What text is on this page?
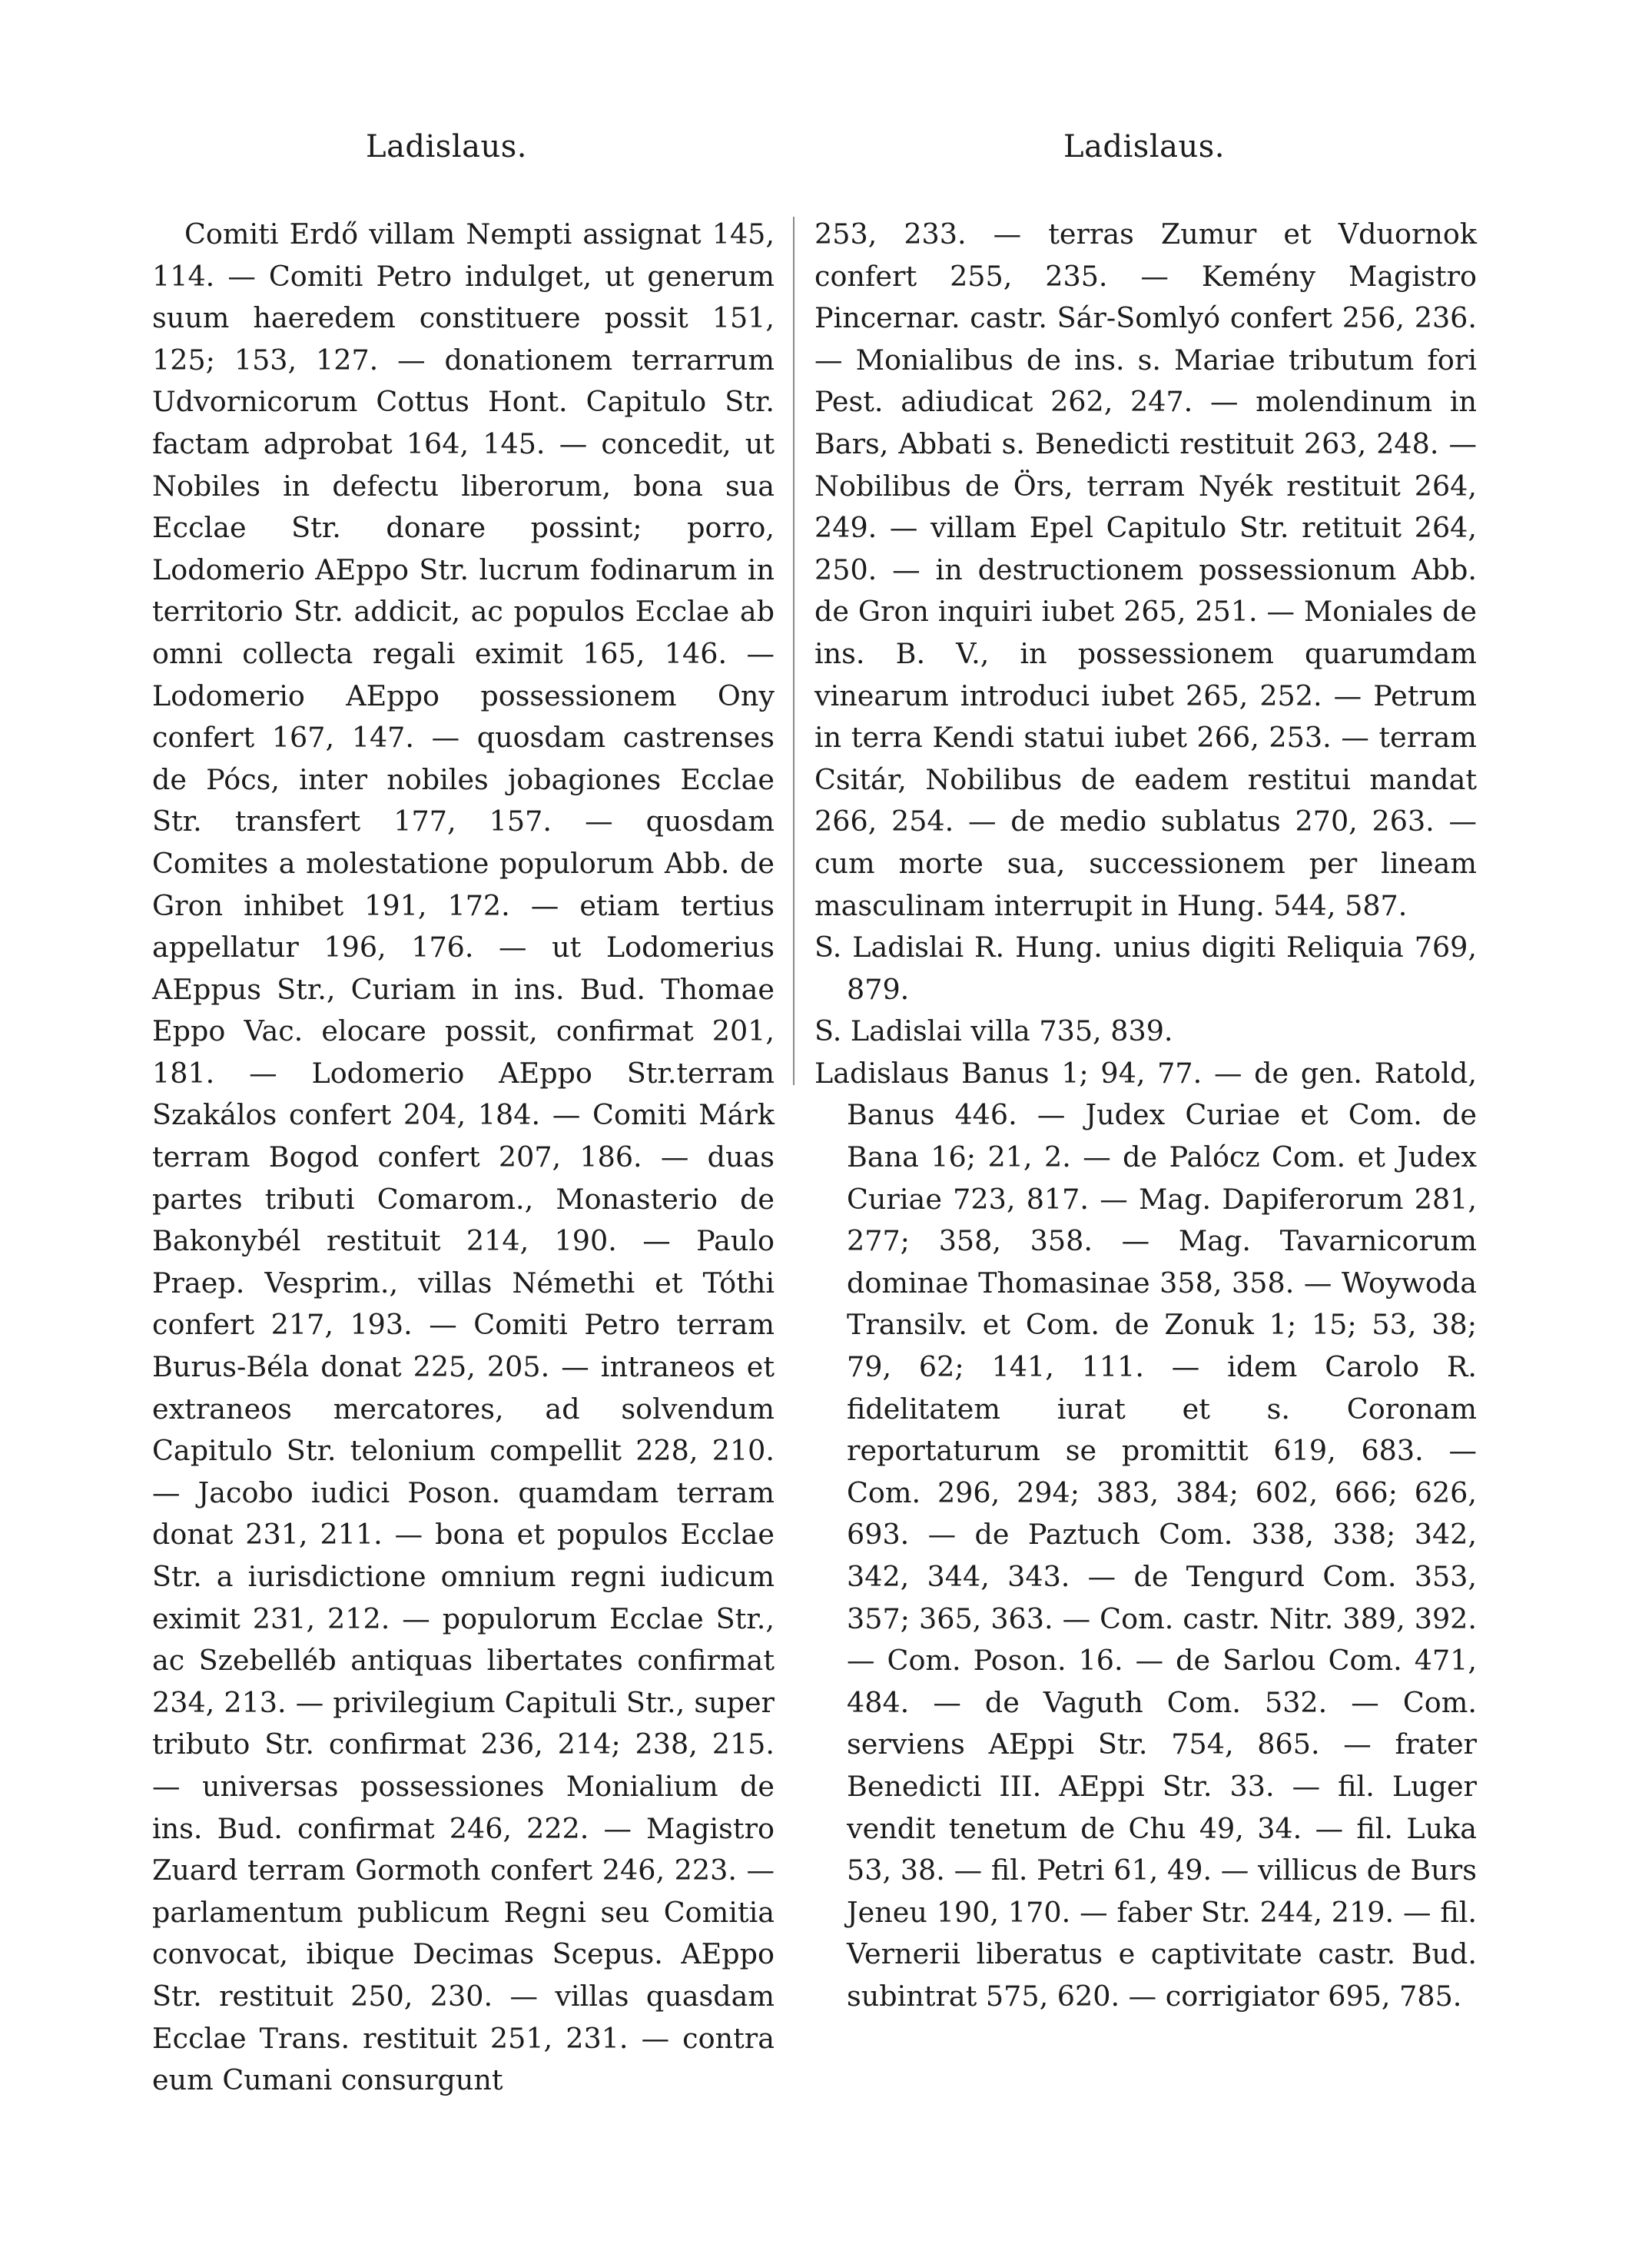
Ladislaus.	Ladislaus.

Comiti Erdő villam Nempti assignat 145, 114. — Comiti Petro indulget, ut generum suum haeredem constituere possit 151, 125; 153, 127. — donationem terrarrum Udvornicorum Cottus Hont. Capitulo Str. factam adprobat 164, 145. — concedit, ut Nobiles in defectu liberorum, bona sua Ecclae Str. donare possint; porro, Lodomerio AEppo Str. lucrum fodinarum in territorio Str. addicit, ac populos Ecclae ab omni collecta regali eximit 165, 146. — Lodomerio AEppo possessionem Ony confert 167, 147. — quosdam castrenses de Pócs, inter nobiles jobagiones Ecclae Str. transfert 177, 157. — quosdam Comites a molestatione populorum Abb. de Gron inhibet 191, 172. — etiam tertius appellatur 196, 176. — ut Lodomerius AEppus Str., Curiam in ins. Bud. Thomae Eppo Vac. elocare possit, confirmat 201, 181. — Lodomerio AEppo Str.terram Szakálos confert 204, 184. — Comiti Márk terram Bogod confert 207, 186. — duas partes tributi Comarom., Monasterio de Bakonybél restituit 214, 190. — Paulo Praep. Vesprim., villas Némethi et Tóthi confert 217, 193. — Comiti Petro terram Burus-Béla donat 225, 205. — intraneos et extraneos mercatores, ad solvendum Capitulo Str. telonium compellit 228, 210. — Jacobo iudici Poson. quamdam terram donat 231, 211. — bona et populos Ecclae Str. a iurisdictione omnium regni iudicum eximit 231, 212. — populorum Ecclae Str., ac Szebelléb antiquas libertates confirmat 234, 213. — privilegium Capituli Str., super tributo Str. confirmat 236, 214; 238, 215. — universas possessiones Monialium de ins. Bud. confirmat 246, 222. — Magistro Zuard terram Gormoth confert 246, 223. — parlamentum publicum Regni seu Comitia convocat, ibique Decimas Scepus. AEppo Str. restituit 250, 230. — villas quasdam Ecclae Trans. restituit 251, 231. — contra eum Cumani consurgunt

253, 233. — terras Zumur et Vduornok confert 255, 235. — Kemény Magistro Pincernar. castr. Sár-Somlyó confert 256, 236. — Monialibus de ins. s. Mariae tributum fori Pest. adiudicat 262, 247. — molendinum in Bars, Abbati s. Benedicti restituit 263, 248. — Nobilibus de Örs, terram Nyék restituit 264, 249. — villam Epel Capitulo Str. retituit 264, 250. — in destructionem possessionum Abb. de Gron inquiri iubet 265, 251. — Moniales de ins. B. V., in possessionem quarumdam vinearum introduci iubet 265, 252. — Petrum in terra Kendi statui iubet 266, 253. — terram Csitár, Nobilibus de eadem restitui mandat 266, 254. — de medio sublatus 270, 263. — cum morte sua, successionem per lineam masculinam interrupit in Hung. 544, 587.

S. Ladislai R. Hung. unius digiti Reliquia 769, 879.

S. Ladislai villa 735, 839.

Ladislaus Banus 1; 94, 77. — de gen. Ratold, Banus 446. — Judex Curiae et Com. de Bana 16; 21, 2. — de Palócz Com. et Judex Curiae 723, 817. — Mag. Dapiferorum 281, 277; 358, 358. — Mag. Tavarnicorum dominae Thomasinae 358, 358. — Woywoda Transilv. et Com. de Zonuk 1; 15; 53, 38; 79, 62; 141, 111. — idem Carolo R. fidelitatem iurat et s. Coronam reportaturum se promittit 619, 683. — Com. 296, 294; 383, 384; 602, 666; 626, 693. — de Paztuch Com. 338, 338; 342, 342, 344, 343. — de Tengurd Com. 353, 357; 365, 363. — Com. castr. Nitr. 389, 392. — Com. Poson. 16. — de Sarlou Com. 471, 484. — de Vaguth Com. 532. — Com. serviens AEppi Str. 754, 865. — frater Benedicti III. AEppi Str. 33. — fil. Luger vendit tenetum de Chu 49, 34. — fil. Luka 53, 38. — fil. Petri 61, 49. — villicus de Burs Jeneu 190, 170. — faber Str. 244, 219. — fil. Vernerii liberatus e captivitate castr. Bud. subintrat 575, 620. — corrigiator 695, 785.
